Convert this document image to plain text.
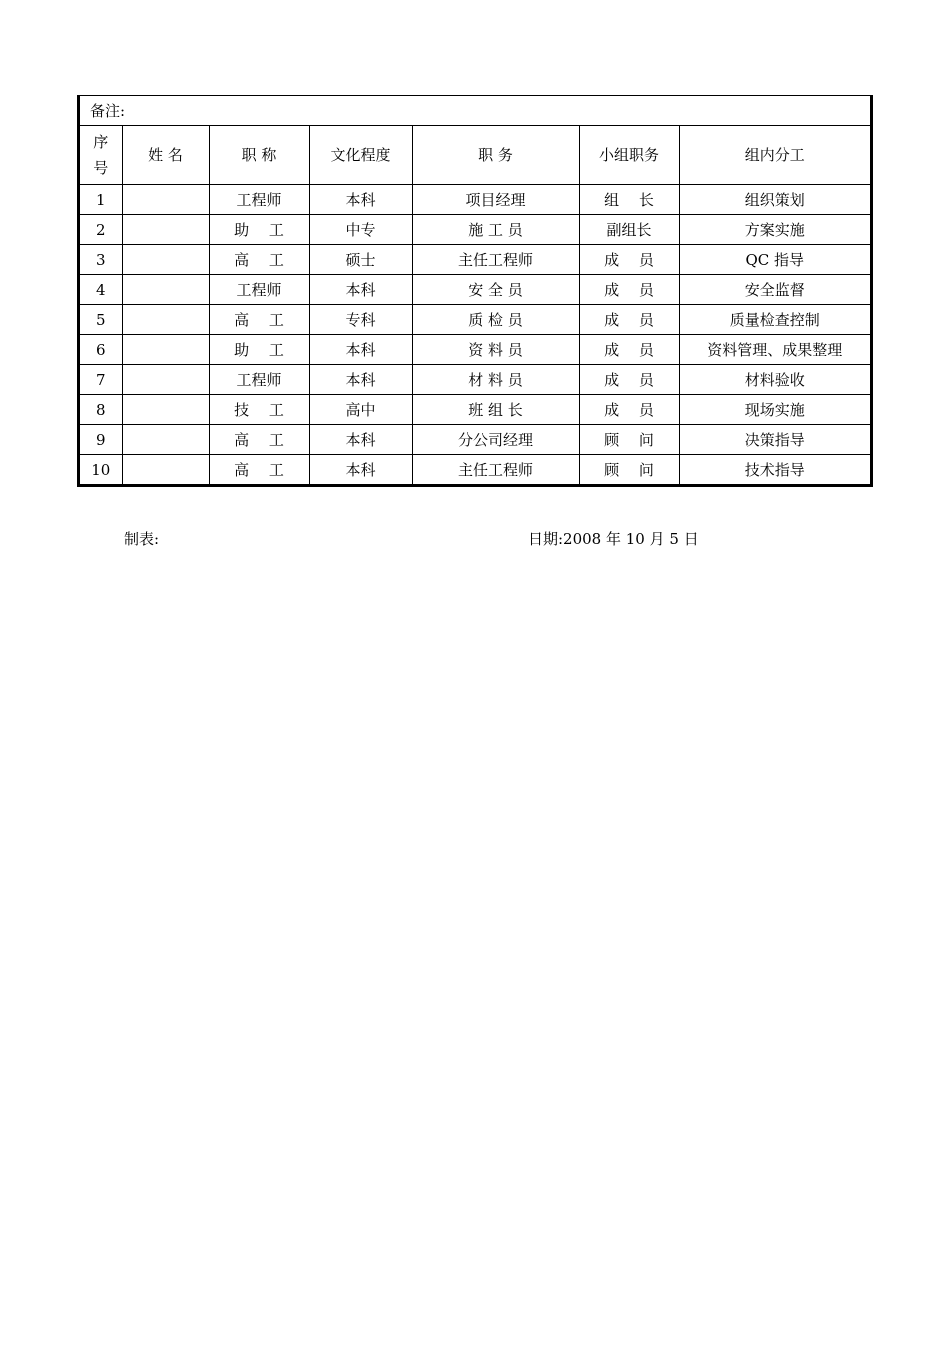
备注:						

序
号	姓 名	职 称	文化程度	职 务	小组职务	组内分工
1		工程师	本科	项目经理	组　 长	组织策划
2		助　 工	中专	施 工 员	副组长	方案实施
3		高　 工	硕士	主任工程师	成　 员	QC 指导
4		工程师	本科	安 全 员	成　 员	安全监督
5		高　 工	专科	质 检 员	成　 员	质量检查控制
6		助　 工	本科	资 料 员	成　 员	资料管理、成果整理
7		工程师	本科	材 料 员	成　 员	材料验收
8		技　 工	高中	班 组 长	成　 员	现场实施
9		高　 工	本科	分公司经理	顾　 问	决策指导
10		高　 工	本科	主任工程师	顾　 问	技术指导
制表:	日期:2008 年 10 月 5 日
